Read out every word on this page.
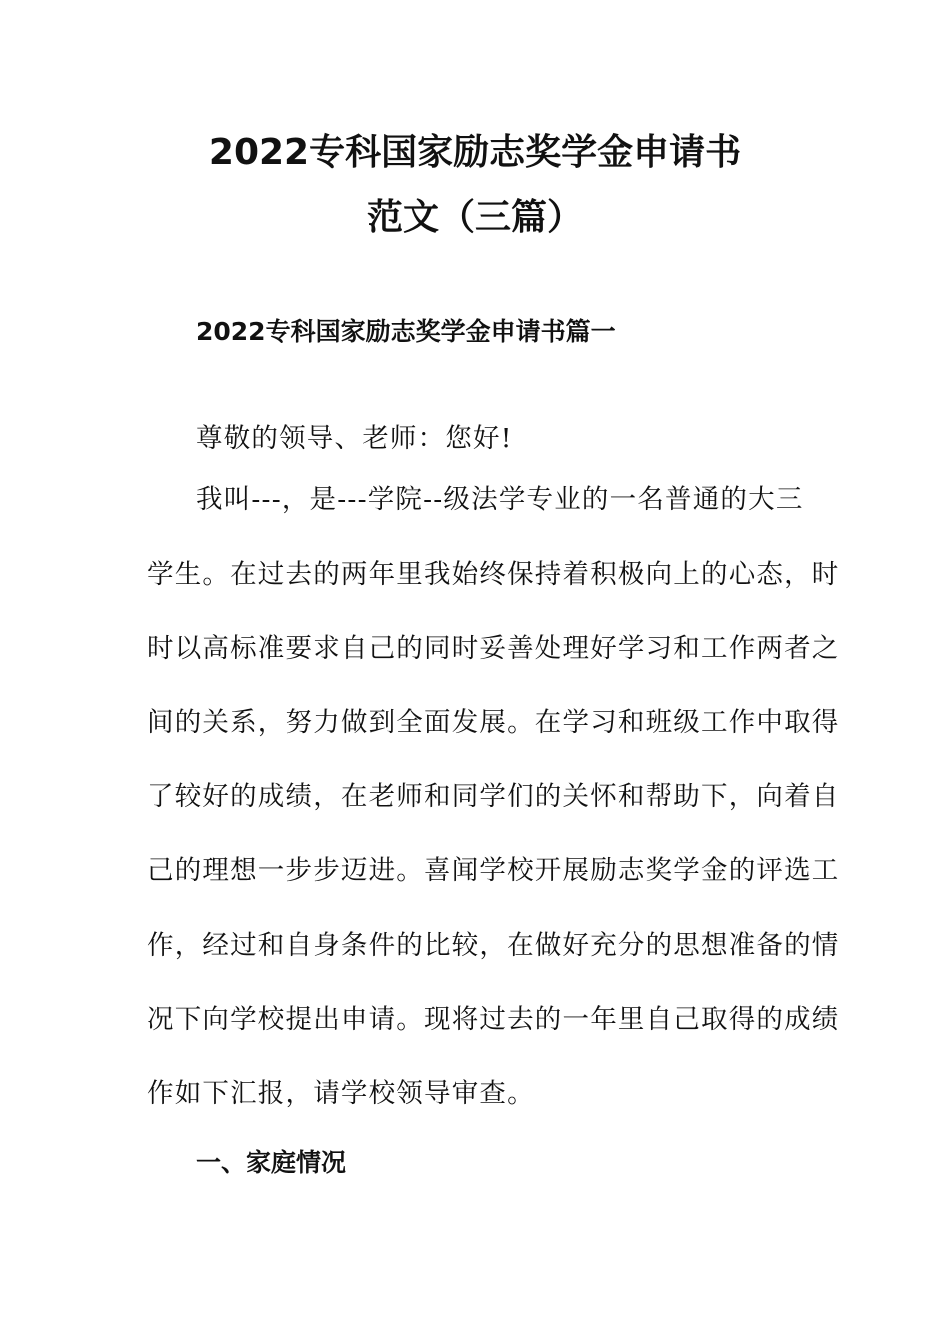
2022专科国家励志奖学金申请书
范文（三篇）
2022专科国家励志奖学金申请书篇一
尊敬的领导、老师：您好!
我叫---，是---学院--级法学专业的一名普通的大三
学生。在过去的两年里我始终保持着积极向上的心态，时
时以高标准要求自己的同时妥善处理好学习和工作两者之
间的关系，努力做到全面发展。在学习和班级工作中取得
了较好的成绩，在老师和同学们的关怀和帮助下，向着自
己的理想一步步迈进。喜闻学校开展励志奖学金的评选工
作，经过和自身条件的比较，在做好充分的思想准备的情
况下向学校提出申请。现将过去的一年里自己取得的成绩
作如下汇报，请学校领导审查。
一、家庭情况
